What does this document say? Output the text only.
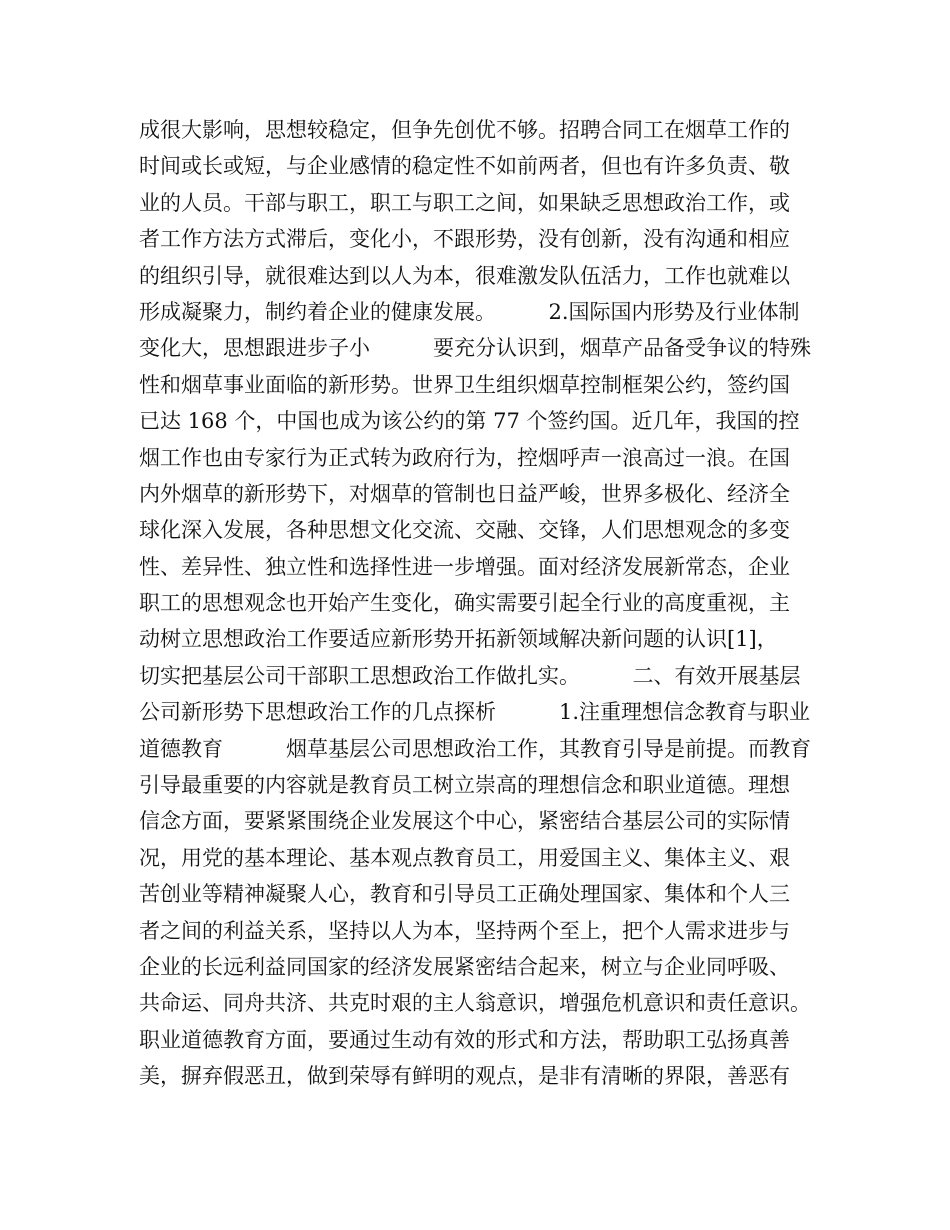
成很大影响，思想较稳定，但争先创优不够。招聘合同工在烟草工作的
时间或长或短，与企业感情的稳定性不如前两者，但也有许多负责、敬
业的人员。干部与职工，职工与职工之间，如果缺乏思想政治工作，或
者工作方法方式滞后，变化小，不跟形势，没有创新，没有沟通和相应
的组织引导，就很难达到以人为本，很难激发队伍活力，工作也就难以
形成凝聚力，制约着企业的健康发展。　　　2.国际国内形势及行业体制
变化大，思想跟进步子小　　　要充分认识到，烟草产品备受争议的特殊
性和烟草事业面临的新形势。世界卫生组织烟草控制框架公约，签约国
已达 168 个，中国也成为该公约的第 77 个签约国。近几年，我国的控
烟工作也由专家行为正式转为政府行为，控烟呼声一浪高过一浪。在国
内外烟草的新形势下，对烟草的管制也日益严峻，世界多极化、经济全
球化深入发展，各种思想文化交流、交融、交锋，人们思想观念的多变
性、差异性、独立性和选择性进一步增强。面对经济发展新常态，企业
职工的思想观念也开始产生变化，确实需要引起全行业的高度重视，主
动树立思想政治工作要适应新形势开拓新领域解决新问题的认识[1]，
切实把基层公司干部职工思想政治工作做扎实。　　　二、有效开展基层
公司新形势下思想政治工作的几点探析　　　1.注重理想信念教育与职业
道德教育　　　烟草基层公司思想政治工作，其教育引导是前提。而教育
引导最重要的内容就是教育员工树立崇高的理想信念和职业道德。理想
信念方面，要紧紧围绕企业发展这个中心，紧密结合基层公司的实际情
况，用党的基本理论、基本观点教育员工，用爱国主义、集体主义、艰
苦创业等精神凝聚人心，教育和引导员工正确处理国家、集体和个人三
者之间的利益关系，坚持以人为本，坚持两个至上，把个人需求进步与
企业的长远利益同国家的经济发展紧密结合起来，树立与企业同呼吸、
共命运、同舟共济、共克时艰的主人翁意识，增强危机意识和责任意识。
职业道德教育方面，要通过生动有效的形式和方法，帮助职工弘扬真善
美，摒弃假恶丑，做到荣辱有鲜明的观点，是非有清晰的界限，善恶有
